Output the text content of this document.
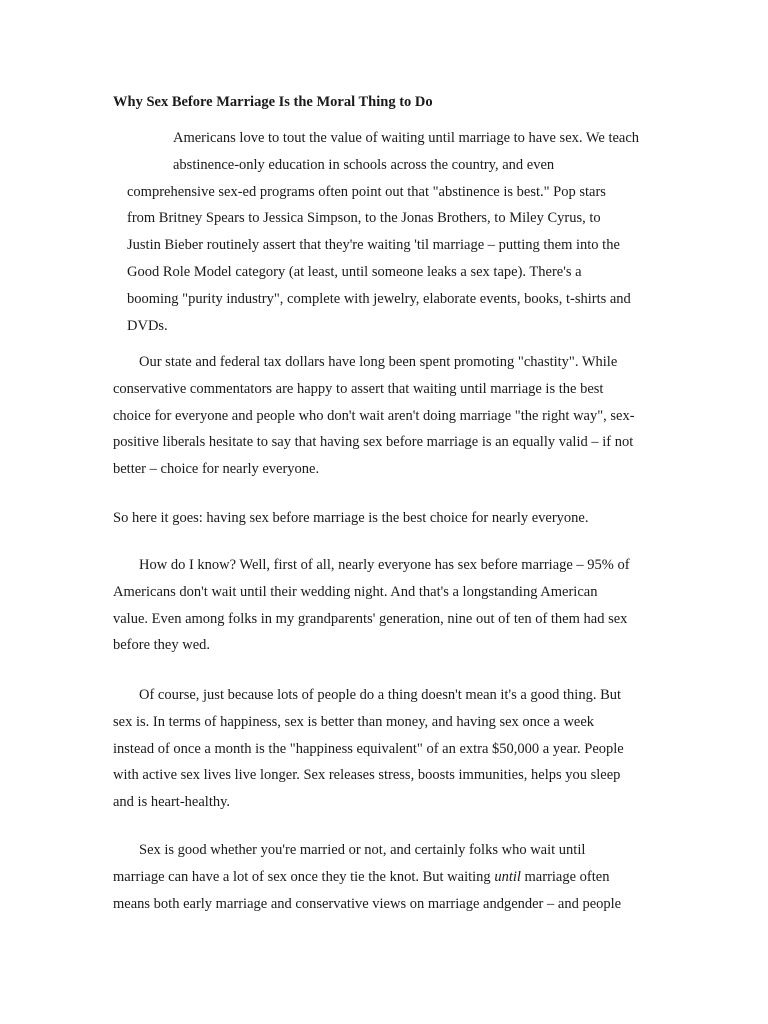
Why Sex Before Marriage Is the Moral Thing to Do

Americans love to tout the value of waiting until marriage to have sex. We teach
abstinence-only education in schools across the country, and even
comprehensive sex-ed programs often point out that "abstinence is best." Pop stars
from Britney Spears to Jessica Simpson, to the Jonas Brothers, to Miley Cyrus, to
Justin Bieber routinely assert that they're waiting 'til marriage – putting them into the
Good Role Model category (at least, until someone leaks a sex tape). There's a
booming "purity industry", complete with jewelry, elaborate events, books, t-shirts and
DVDs.

Our state and federal tax dollars have long been spent promoting "chastity". While
conservative commentators are happy to assert that waiting until marriage is the best
choice for everyone and people who don't wait aren't doing marriage "the right way", sex-
positive liberals hesitate to say that having sex before marriage is an equally valid – if not
better – choice for nearly everyone.

So here it goes: having sex before marriage is the best choice for nearly everyone.

How do I know? Well, first of all, nearly everyone has sex before marriage – 95% of
Americans don't wait until their wedding night. And that's a longstanding American
value. Even among folks in my grandparents' generation, nine out of ten of them had sex
before they wed.

Of course, just because lots of people do a thing doesn't mean it's a good thing. But
sex is. In terms of happiness, sex is better than money, and having sex once a week
instead of once a month is the "happiness equivalent" of an extra $50,000 a year. People
with active sex lives live longer. Sex releases stress, boosts immunities, helps you sleep
and is heart-healthy.

Sex is good whether you're married or not, and certainly folks who wait until
marriage can have a lot of sex once they tie the knot. But waiting until marriage often
means both early marriage and conservative views on marriage andgender – and people
